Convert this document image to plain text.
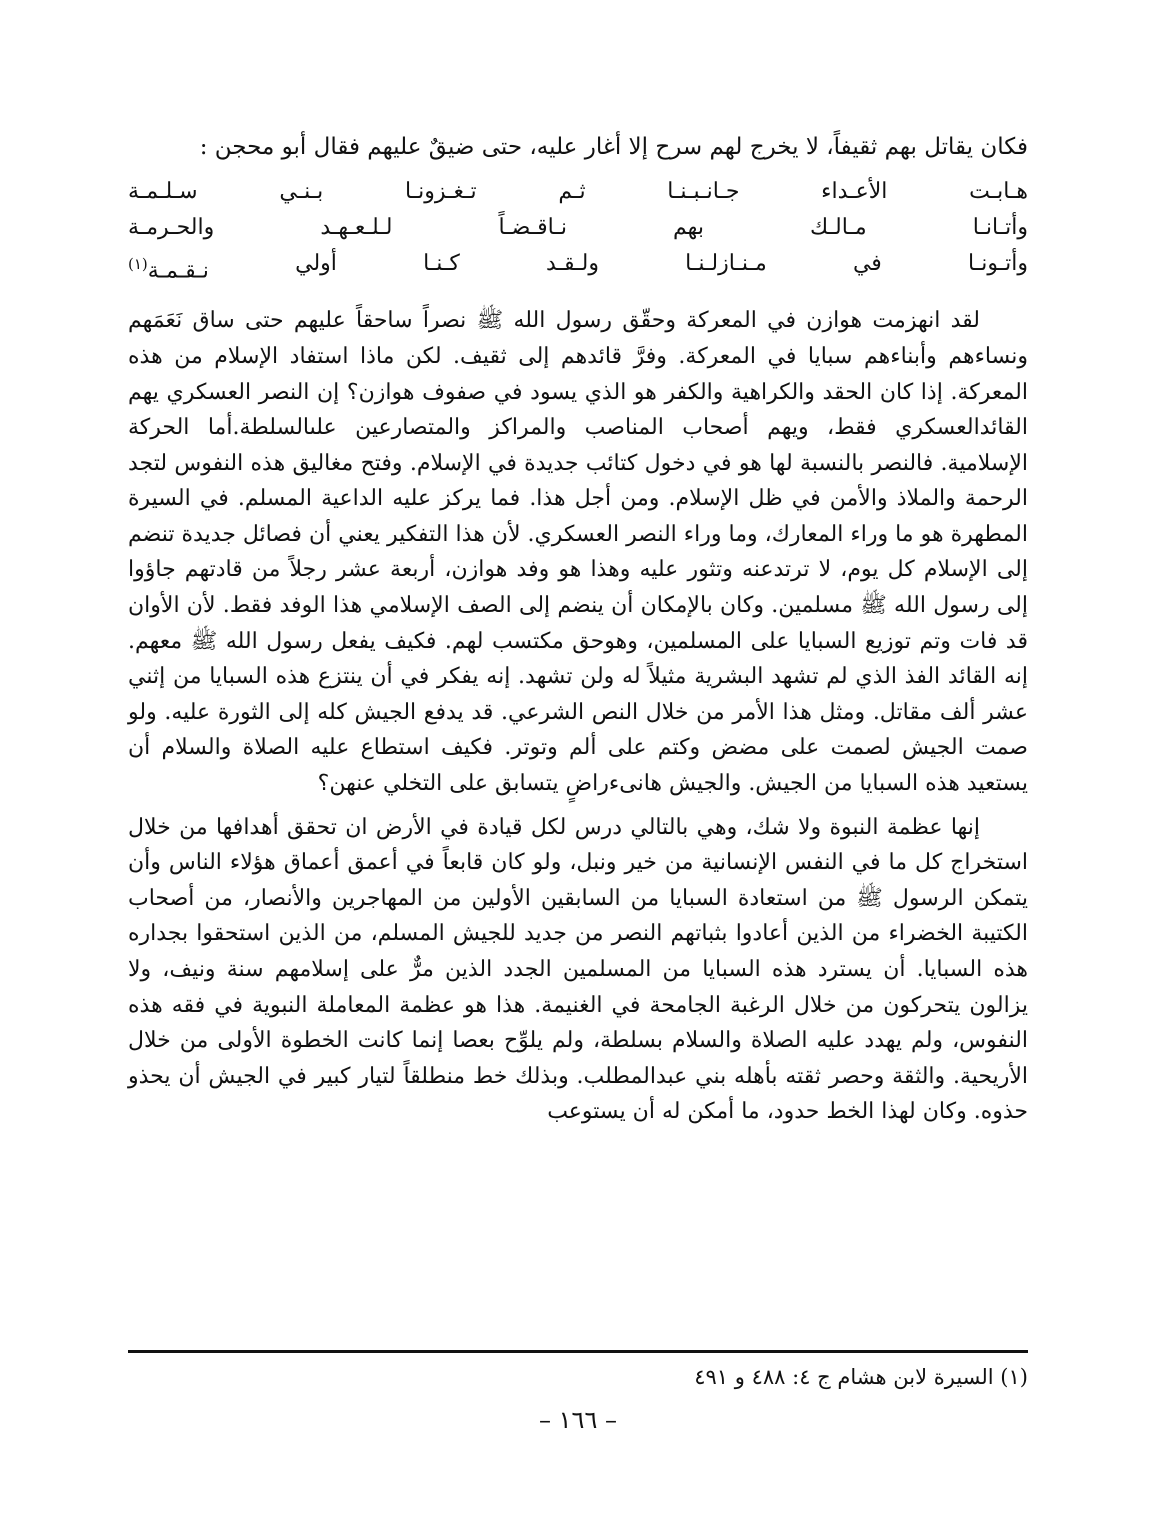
فكان يقاتل بهم ثقيفاً، لا يخرج لهم سرح إلا أغار عليه، حتى ضيقٌ عليهم فقال أبو محجن :

هـابـت
الأعـداء
جـانـبـنـا
ثـم
تـغـزونـا
بـنـي
سـلـمـة
وأتـانـا
مـالـك
بهم
نـاقـضـاً
لـلـعـهـد
والحـرمـة
وأتـونـا
في
مـنـازلـنـا
ولـقـد
كـنـا
أولي
نـقـمـة$^{(١)}$

لقد انهزمت هوازن في المعركة وحقّق رسول الله ﷺ نصراً ساحقاً عليهم حتى ساق نَعَمَهم ونساءهم وأبناءهم سبايا في المعركة. وفرَّ قائدهم إلى ثقيف. لكن ماذا استفاد الإسلام من هذه المعركة. إذا كان الحقد والكراهية والكفر هو الذي يسود في صفوف هوازن؟ إن النصر العسكري يهم القائدالعسكري فقط، ويهم أصحاب المناصب والمراكز والمتصارعين علىالسلطة.أما الحركة الإسلامية. فالنصر بالنسبة لها هو في دخول كتائب جديدة في الإسلام. وفتح مغاليق هذه النفوس لتجد الرحمة والملاذ والأمن في ظل الإسلام. ومن أجل هذا. فما يركز عليه الداعية المسلم. في السيرة المطهرة هو ما وراء المعارك، وما وراء النصر العسكري. لأن هذا التفكير يعني أن فصائل جديدة تنضم إلى الإسلام كل يوم، لا ترتدعنه وتثور عليه وهذا هو وفد هوازن، أربعة عشر رجلاً من قادتهم جاؤوا إلى رسول الله ﷺ مسلمين. وكان بالإمكان أن ينضم إلى الصف الإسلامي هذا الوفد فقط. لأن الأوان قد فات وتم توزيع السبايا على المسلمين، وهوحق مكتسب لهم. فكيف يفعل رسول الله ﷺ معهم. إنه القائد الفذ الذي لم تشهد البشرية مثيلاً له ولن تشهد. إنه يفكر في أن ينتزع هذه السبايا من إثني عشر ألف مقاتل. ومثل هذا الأمر من خلال النص الشرعي. قد يدفع الجيش كله إلى الثورة عليه. ولو صمت الجيش لصمت على مضض وكتم على ألم وتوتر. فكيف استطاع عليه الصلاة والسلام أن يستعيد هذه السبايا من الجيش. والجيش هانىءراضٍ يتسابق على التخلي عنهن؟

إنها عظمة النبوة ولا شك، وهي بالتالي درس لكل قيادة في الأرض ان تحقق أهدافها من خلال استخراج كل ما في النفس الإنسانية من خير ونبل، ولو كان قابعاً في أعمق أعماق هؤلاء الناس وأن يتمكن الرسول ﷺ من استعادة السبايا من السابقين الأولين من المهاجرين والأنصار، من أصحاب الكتيبة الخضراء من الذين أعادوا بثباتهم النصر من جديد للجيش المسلم، من الذين استحقوا بجداره هذه السبايا. أن يسترد هذه السبايا من المسلمين الجدد الذين مرٌّ على إسلامهم سنة ونيف، ولا يزالون يتحركون من خلال الرغبة الجامحة في الغنيمة. هذا هو عظمة المعاملة النبوية في فقه هذه النفوس، ولم يهدد عليه الصلاة والسلام بسلطة، ولم يلوِّح بعصا إنما كانت الخطوة الأولى من خلال الأريحية. والثقة وحصر ثقته بأهله بني عبدالمطلب. وبذلك خط منطلقاً لتيار كبير في الجيش أن يحذو حذوه. وكان لهذا الخط حدود، ما أمكن له أن يستوعب

(١) السيرة لابن هشام ج ٤: ٤٨٨ و ٤٩١
– ١٦٦ –
